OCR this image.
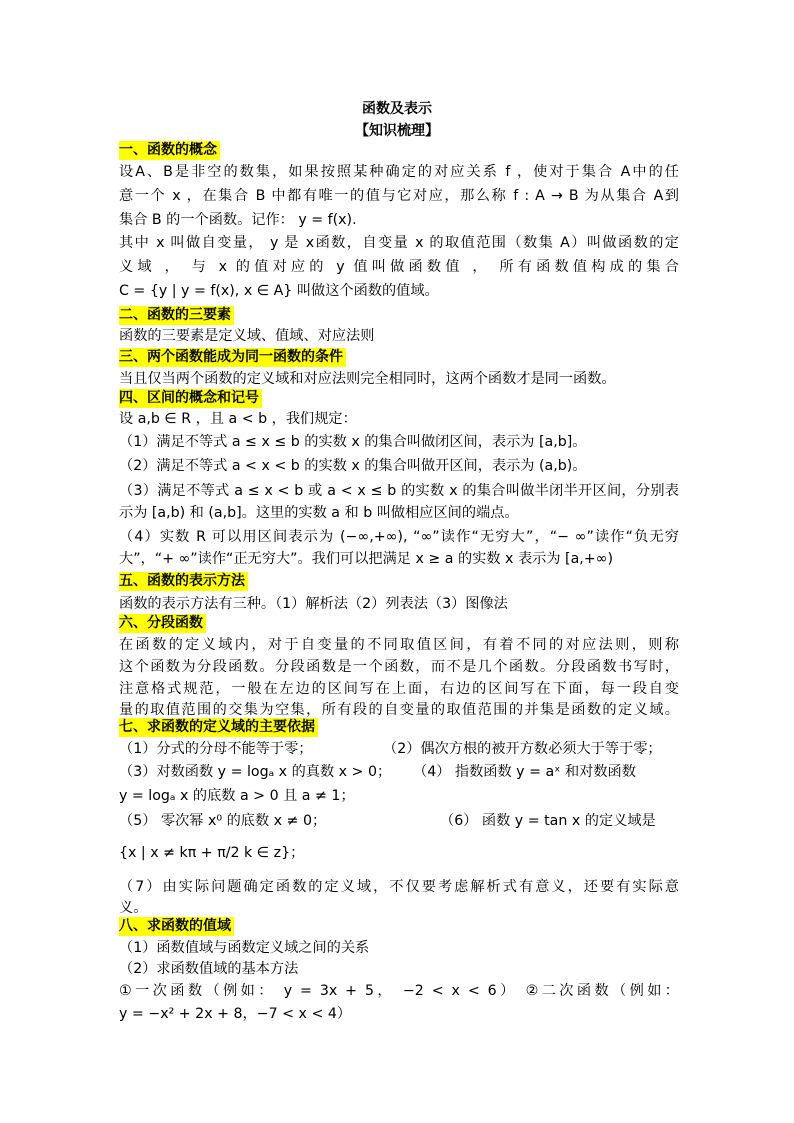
函数及表示
【知识梳理】
一、函数的概念
设A、B是非空的数集，如果按照某种确定的对应关系 f ，使对于集合 A中的任
意一个 x ，在集合 B 中都有唯一的值与它对应，那么称 f : A → B 为从集合 A到
集合 B 的一个函数。记作： y = f(x).
其中 x 叫做自变量， y 是 x函数，自变量 x 的取值范围（数集 A）叫做函数的定
义域 ， 与 x 的值对应的 y 值叫做函数值 ， 所有函数值构成的集合
C = {y | y = f(x), x ∈ A} 叫做这个函数的值域。
二、函数的三要素
函数的三要素是定义域、值域、对应法则
三、两个函数能成为同一函数的条件
当且仅当两个函数的定义域和对应法则完全相同时，这两个函数才是同一函数。
四、区间的概念和记号
设 a,b ∈ R ，且 a < b ，我们规定：
（1）满足不等式 a ≤ x ≤ b 的实数 x 的集合叫做闭区间，表示为 [a,b]。
（2）满足不等式 a < x < b 的实数 x 的集合叫做开区间，表示为 (a,b)。
（3）满足不等式 a ≤ x < b 或 a < x ≤ b 的实数 x 的集合叫做半闭半开区间，分别表
示为 [a,b) 和 (a,b]。这里的实数 a 和 b 叫做相应区间的端点。
（4）实数 R 可以用区间表示为 (−∞,+∞), “∞”读作“无穷大”，“− ∞”读作“负无穷
大”，“+ ∞”读作“正无穷大”。我们可以把满足 x ≥ a 的实数 x 表示为 [a,+∞)
五、函数的表示方法
函数的表示方法有三种。（1）解析法（2）列表法（3）图像法
六、分段函数
在函数的定义域内，对于自变量的不同取值区间，有着不同的对应法则，则称
这个函数为分段函数。分段函数是一个函数，而不是几个函数。分段函数书写时，
注意格式规范，一般在左边的区间写在上面，右边的区间写在下面，每一段自变
量的取值范围的交集为空集，所有段的自变量的取值范围的并集是函数的定义域。
七、求函数的定义域的主要依据
（1）分式的分母不能等于零；	（2）偶次方根的被开方数必须大于等于零；
（3）对数函数 y = logₐ x 的真数 x > 0； （4） 指数函数 y = aˣ 和对数函数
y = logₐ x 的底数 a > 0 且 a ≠ 1；
（5） 零次幂 x⁰ 的底数 x ≠ 0；	（6） 函数 y = tan x 的定义域是
{x | x ≠ kπ + π/2 k ∈ z}；
（7）由实际问题确定函数的定义域，不仅要考虑解析式有意义，还要有实际意
义。
八、求函数的值域
（1）函数值域与函数定义域之间的关系
（2）求函数值域的基本方法
①一次函数（例如： y = 3x + 5， −2 < x < 6） ②二次函数（例如：
y = −x² + 2x + 8，−7 < x < 4）
